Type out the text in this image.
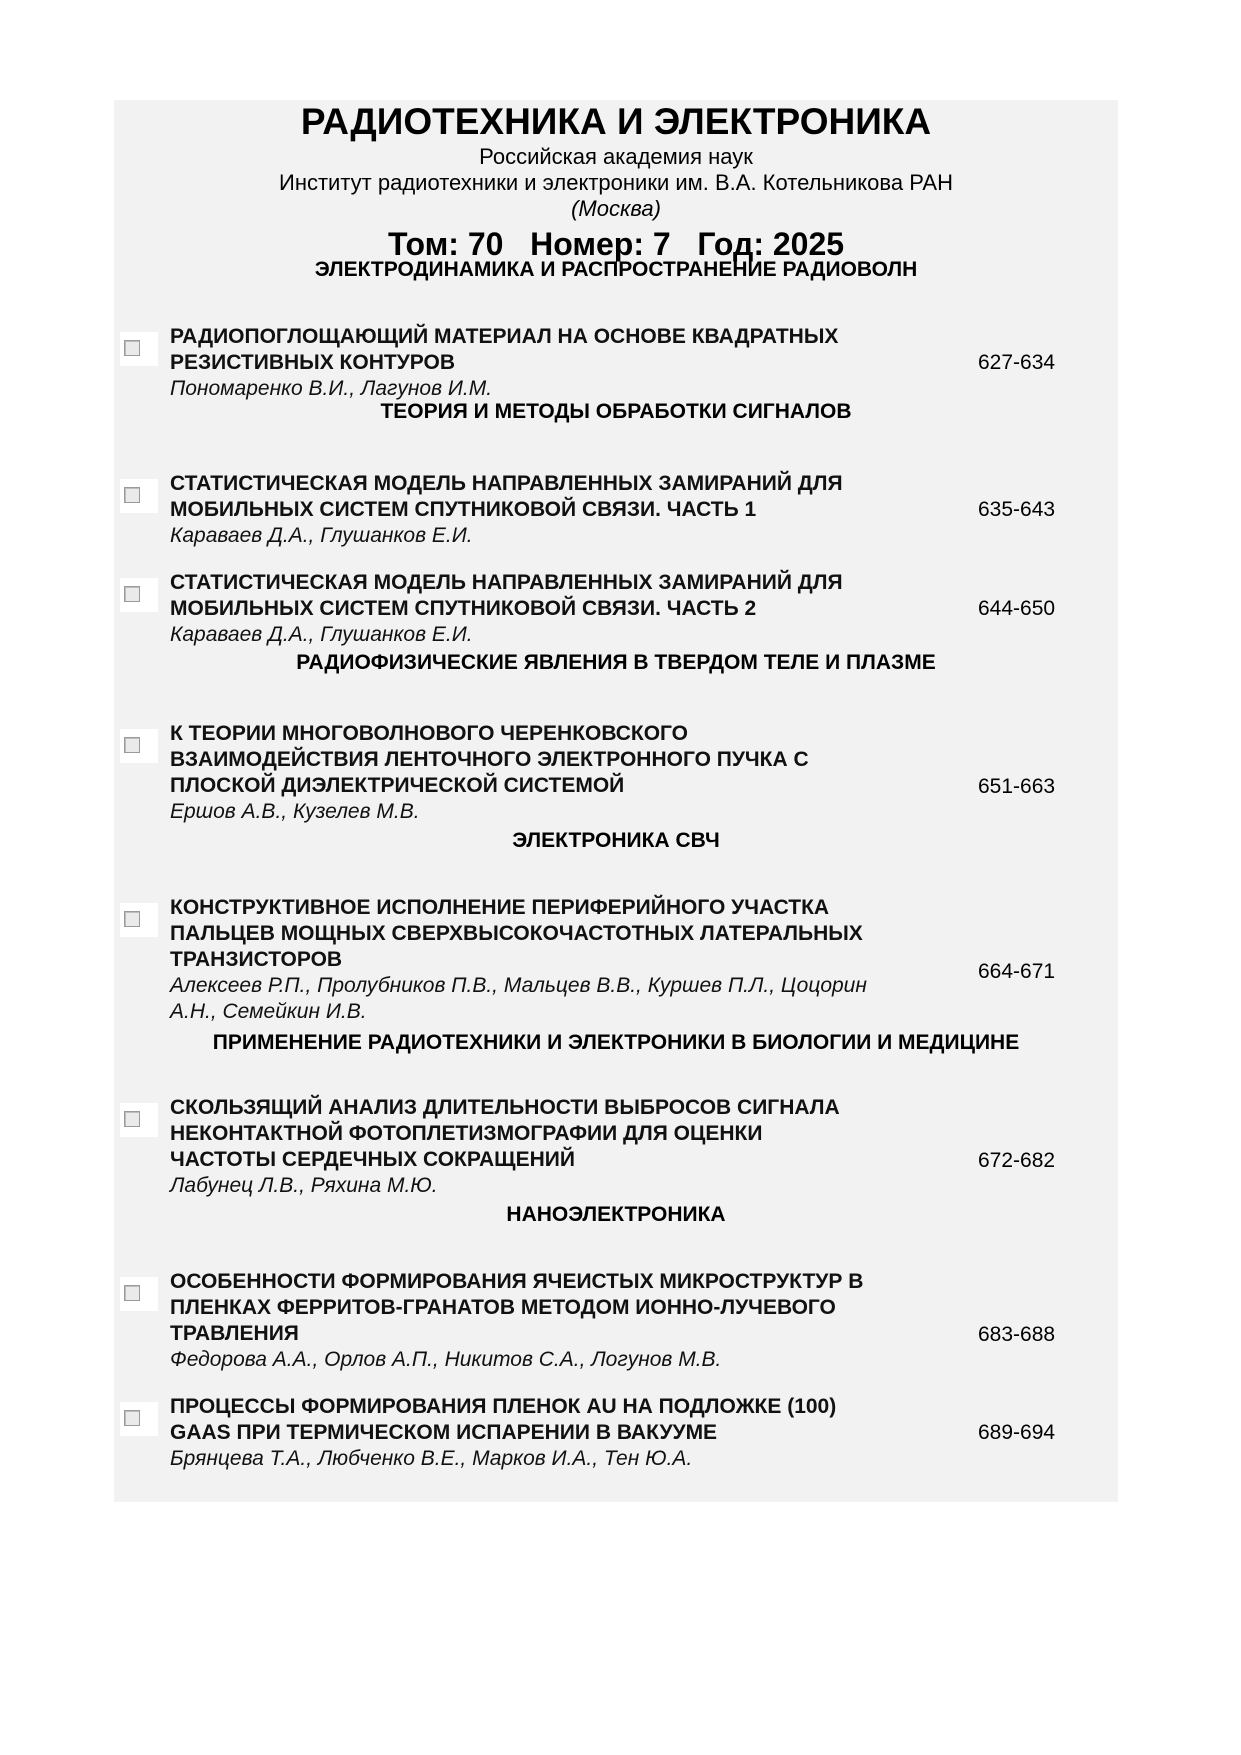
РАДИОТЕХНИКА И ЭЛЕКТРОНИКА
Российская академия наук
Институт радиотехники и электроники им. В.А. Котельникова РАН
(Москва)
Том: 70   Номер: 7   Год: 2025
ЭЛЕКТРОДИНАМИКА И РАСПРОСТРАНЕНИЕ РАДИОВОЛН
РАДИОПОГЛОЩАЮЩИЙ МАТЕРИАЛ НА ОСНОВЕ КВАДРАТНЫХ
РЕЗИСТИВНЫХ КОНТУРОВ
Пономаренко В.И., Лагунов И.М.
627-634
ТЕОРИЯ И МЕТОДЫ ОБРАБОТКИ СИГНАЛОВ
СТАТИСТИЧЕСКАЯ МОДЕЛЬ НАПРАВЛЕННЫХ ЗАМИРАНИЙ ДЛЯ
МОБИЛЬНЫХ СИСТЕМ СПУТНИКОВОЙ СВЯЗИ. ЧАСТЬ 1
Караваев Д.А., Глушанков Е.И.
635-643
СТАТИСТИЧЕСКАЯ МОДЕЛЬ НАПРАВЛЕННЫХ ЗАМИРАНИЙ ДЛЯ
МОБИЛЬНЫХ СИСТЕМ СПУТНИКОВОЙ СВЯЗИ. ЧАСТЬ 2
Караваев Д.А., Глушанков Е.И.
644-650
РАДИОФИЗИЧЕСКИЕ ЯВЛЕНИЯ В ТВЕРДОМ ТЕЛЕ И ПЛАЗМЕ
К ТЕОРИИ МНОГОВОЛНОВОГО ЧЕРЕНКОВСКОГО
ВЗАИМОДЕЙСТВИЯ ЛЕНТОЧНОГО ЭЛЕКТРОННОГО ПУЧКА С
ПЛОСКОЙ ДИЭЛЕКТРИЧЕСКОЙ СИСТЕМОЙ
Ершов А.В., Кузелев М.В.
651-663
ЭЛЕКТРОНИКА СВЧ
КОНСТРУКТИВНОЕ ИСПОЛНЕНИЕ ПЕРИФЕРИЙНОГО УЧАСТКА
ПАЛЬЦЕВ МОЩНЫХ СВЕРХВЫСОКОЧАСТОТНЫХ ЛАТЕРАЛЬНЫХ
ТРАНЗИСТОРОВ
Алексеев Р.П., Пролубников П.В., Мальцев В.В., Куршев П.Л., Цоцорин
А.Н., Семейкин И.В.
664-671
ПРИМЕНЕНИЕ РАДИОТЕХНИКИ И ЭЛЕКТРОНИКИ В БИОЛОГИИ И МЕДИЦИНЕ
СКОЛЬЗЯЩИЙ АНАЛИЗ ДЛИТЕЛЬНОСТИ ВЫБРОСОВ СИГНАЛА
НЕКОНТАКТНОЙ ФОТОПЛЕТИЗМОГРАФИИ ДЛЯ ОЦЕНКИ
ЧАСТОТЫ СЕРДЕЧНЫХ СОКРАЩЕНИЙ
Лабунец Л.В., Ряхина М.Ю.
672-682
НАНОЭЛЕКТРОНИКА
ОСОБЕННОСТИ ФОРМИРОВАНИЯ ЯЧЕИСТЫХ МИКРОСТРУКТУР В
ПЛЕНКАХ ФЕРРИТОВ-ГРАНАТОВ МЕТОДОМ ИОННО-ЛУЧЕВОГО
ТРАВЛЕНИЯ
Федорова А.А., Орлов А.П., Никитов С.А., Логунов М.В.
683-688
ПРОЦЕССЫ ФОРМИРОВАНИЯ ПЛЕНОК AU НА ПОДЛОЖКЕ (100)
GAAS ПРИ ТЕРМИЧЕСКОМ ИСПАРЕНИИ В ВАКУУМЕ
Брянцева Т.А., Любченко В.Е., Марков И.А., Тен Ю.А.
689-694
